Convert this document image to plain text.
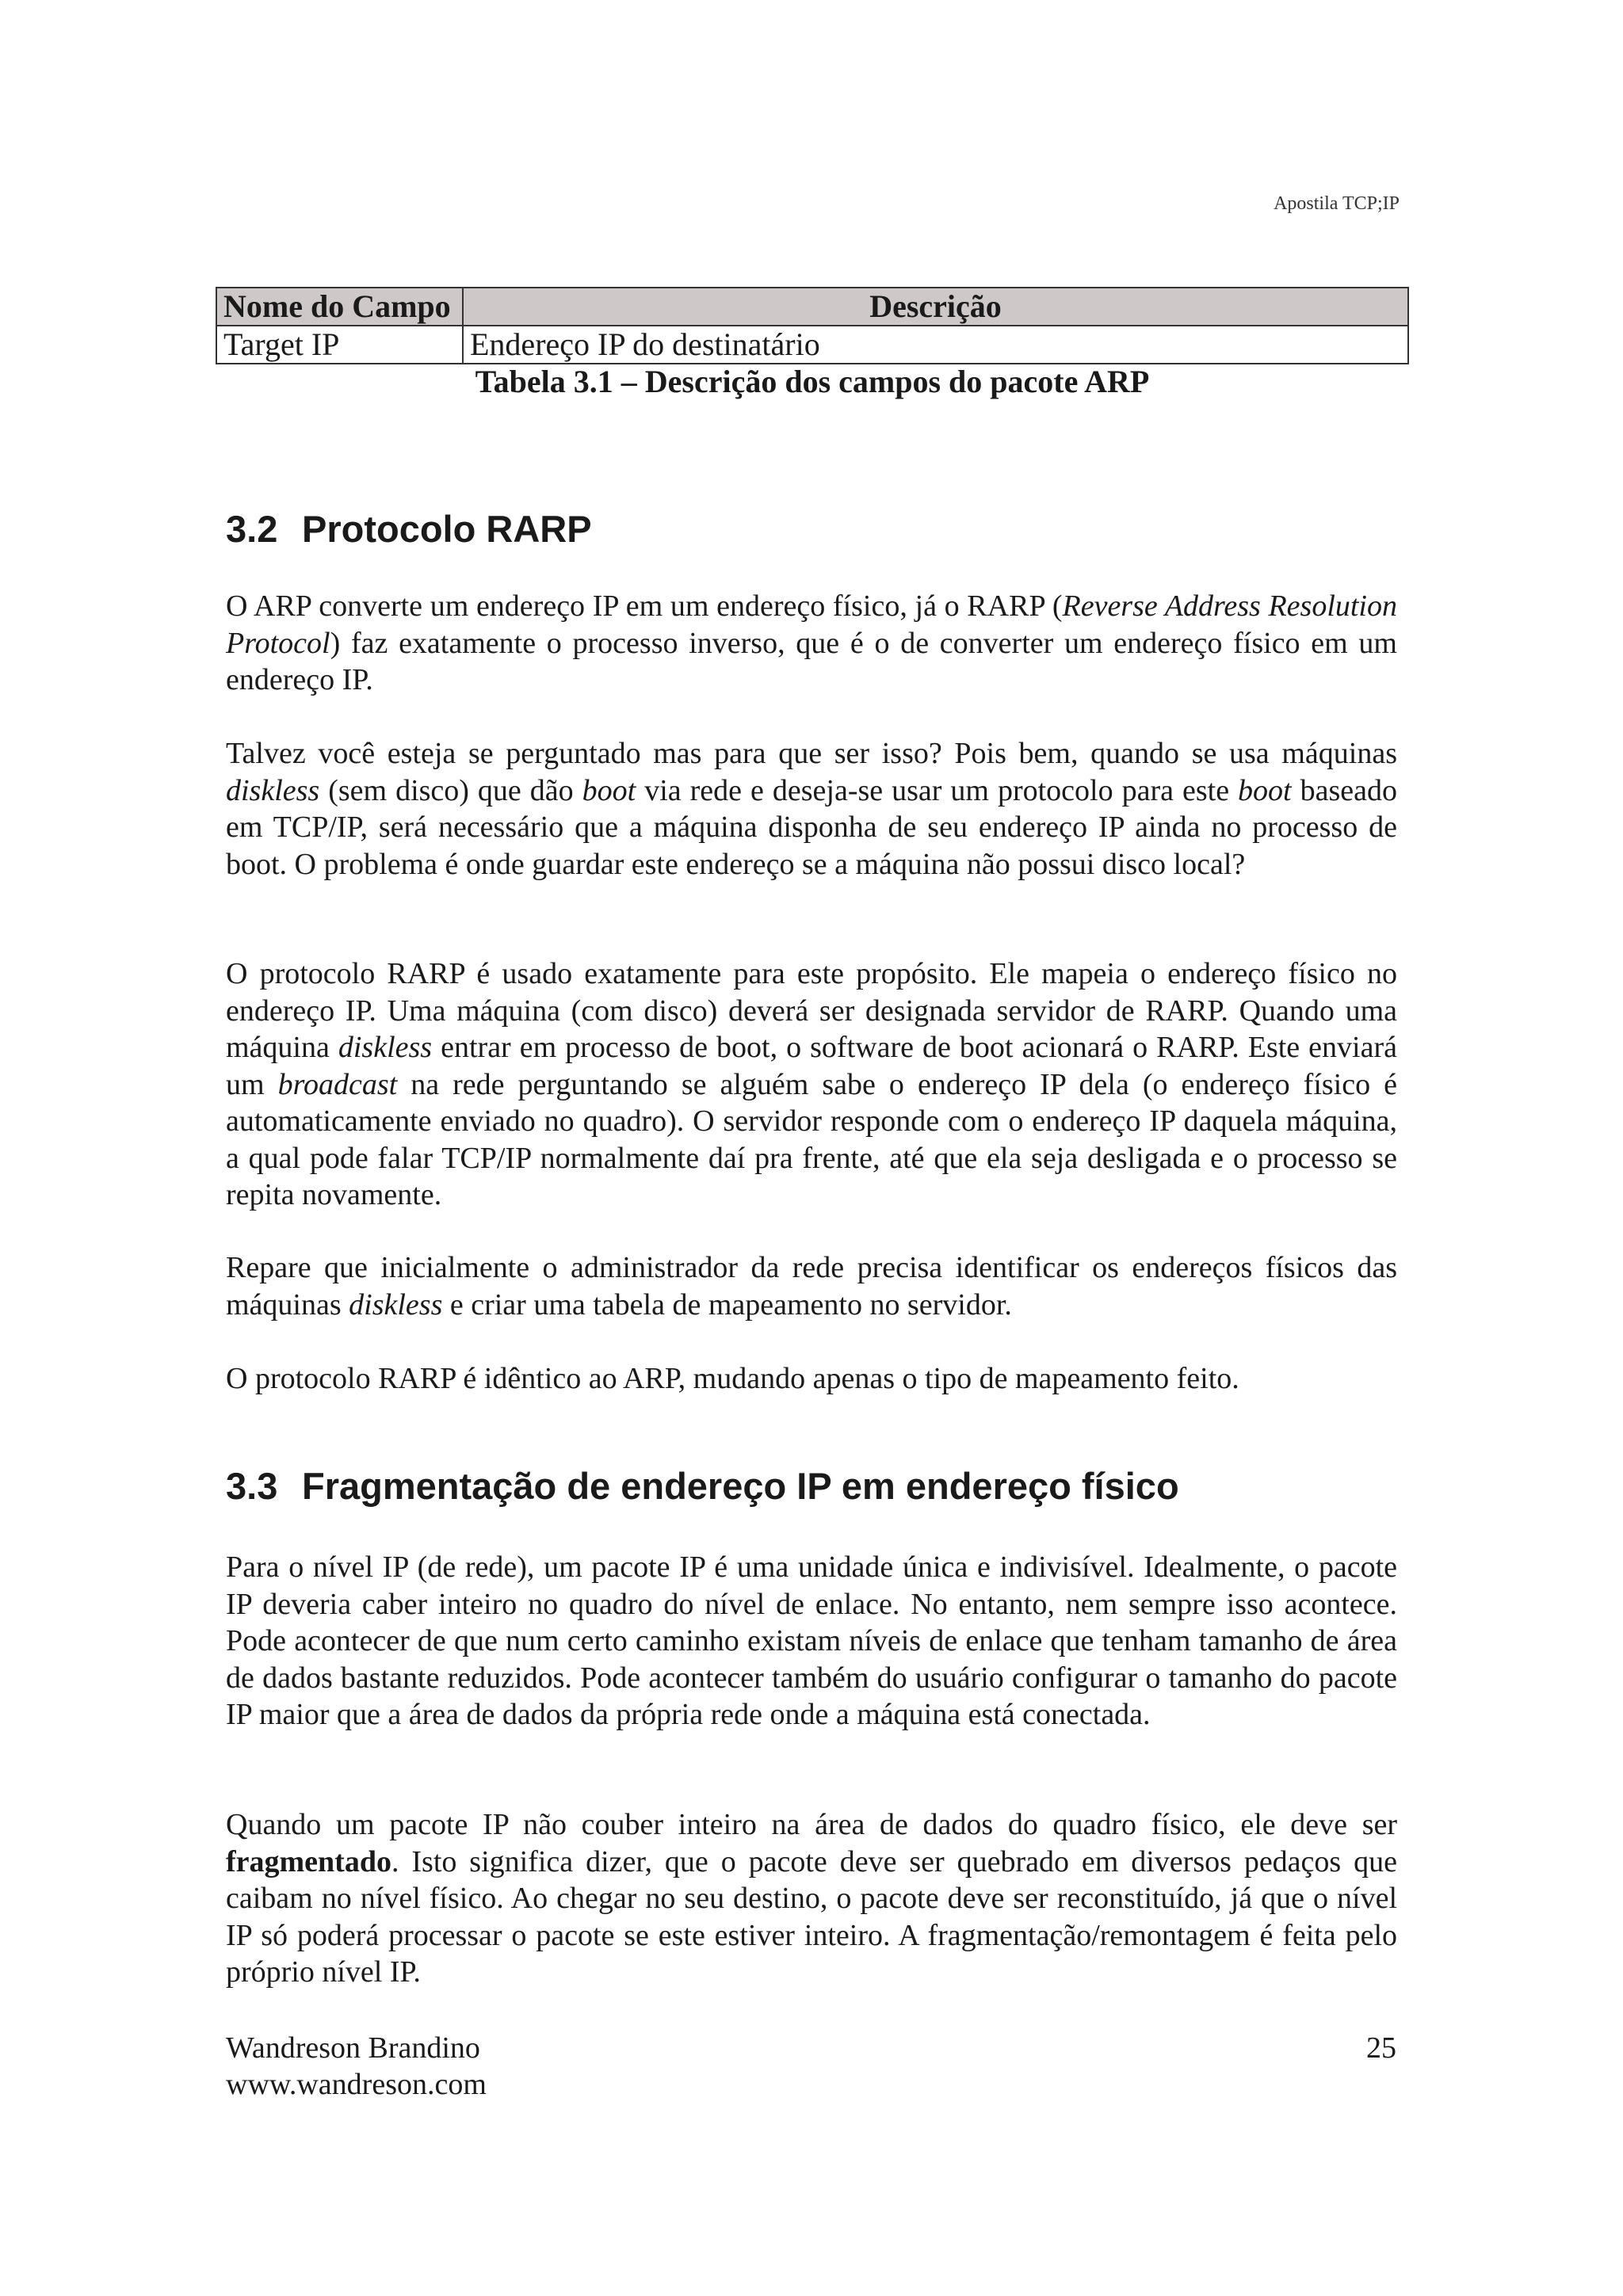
Apostila TCP;IP
Nome do Campo	Descrição
Target IP	Endereço IP do destinatário
Tabela 3.1 – Descrição dos campos do pacote ARP
3.2 Protocolo RARP

O ARP converte um endereço IP em um endereço físico, já o RARP (Reverse Address Resolution Protocol) faz exatamente o processo inverso, que é o de converter um endereço físico em um endereço IP.

Talvez você esteja se perguntado mas para que ser isso? Pois bem, quando se usa máquinas diskless (sem disco) que dão boot via rede e deseja-se usar um protocolo para este boot baseado em TCP/IP, será necessário que a máquina disponha de seu endereço IP ainda no processo de boot. O problema é onde guardar este endereço se a máquina não possui disco local?

O protocolo RARP é usado exatamente para este propósito. Ele mapeia o endereço físico no endereço IP. Uma máquina (com disco) deverá ser designada servidor de RARP. Quando uma máquina diskless entrar em processo de boot, o software de boot acionará o RARP. Este enviará um broadcast na rede perguntando se alguém sabe o endereço IP dela (o endereço físico é automaticamente enviado no quadro). O servidor responde com o endereço IP daquela máquina, a qual pode falar TCP/IP normalmente daí pra frente, até que ela seja desligada e o processo se repita novamente.

Repare que inicialmente o administrador da rede precisa identificar os endereços físicos das máquinas diskless e criar uma tabela de mapeamento no servidor.

O protocolo RARP é idêntico ao ARP, mudando apenas o tipo de mapeamento feito.

3.3 Fragmentação de endereço IP em endereço físico

Para o nível IP (de rede), um pacote IP é uma unidade única e indivisível. Idealmente, o pacote IP deveria caber inteiro no quadro do nível de enlace. No entanto, nem sempre isso acontece. Pode acontecer de que num certo caminho existam níveis de enlace que tenham tamanho de área de dados bastante reduzidos. Pode acontecer também do usuário configurar o tamanho do pacote IP maior que a área de dados da própria rede onde a máquina está conectada.

Quando um pacote IP não couber inteiro na área de dados do quadro físico, ele deve ser fragmentado. Isto significa dizer, que o pacote deve ser quebrado em diversos pedaços que caibam no nível físico. Ao chegar no seu destino, o pacote deve ser reconstituído, já que o nível IP só poderá processar o pacote se este estiver inteiro. A fragmentação/remontagem é feita pelo próprio nível IP.

Wandreson Brandino
www.wandreson.com
25
